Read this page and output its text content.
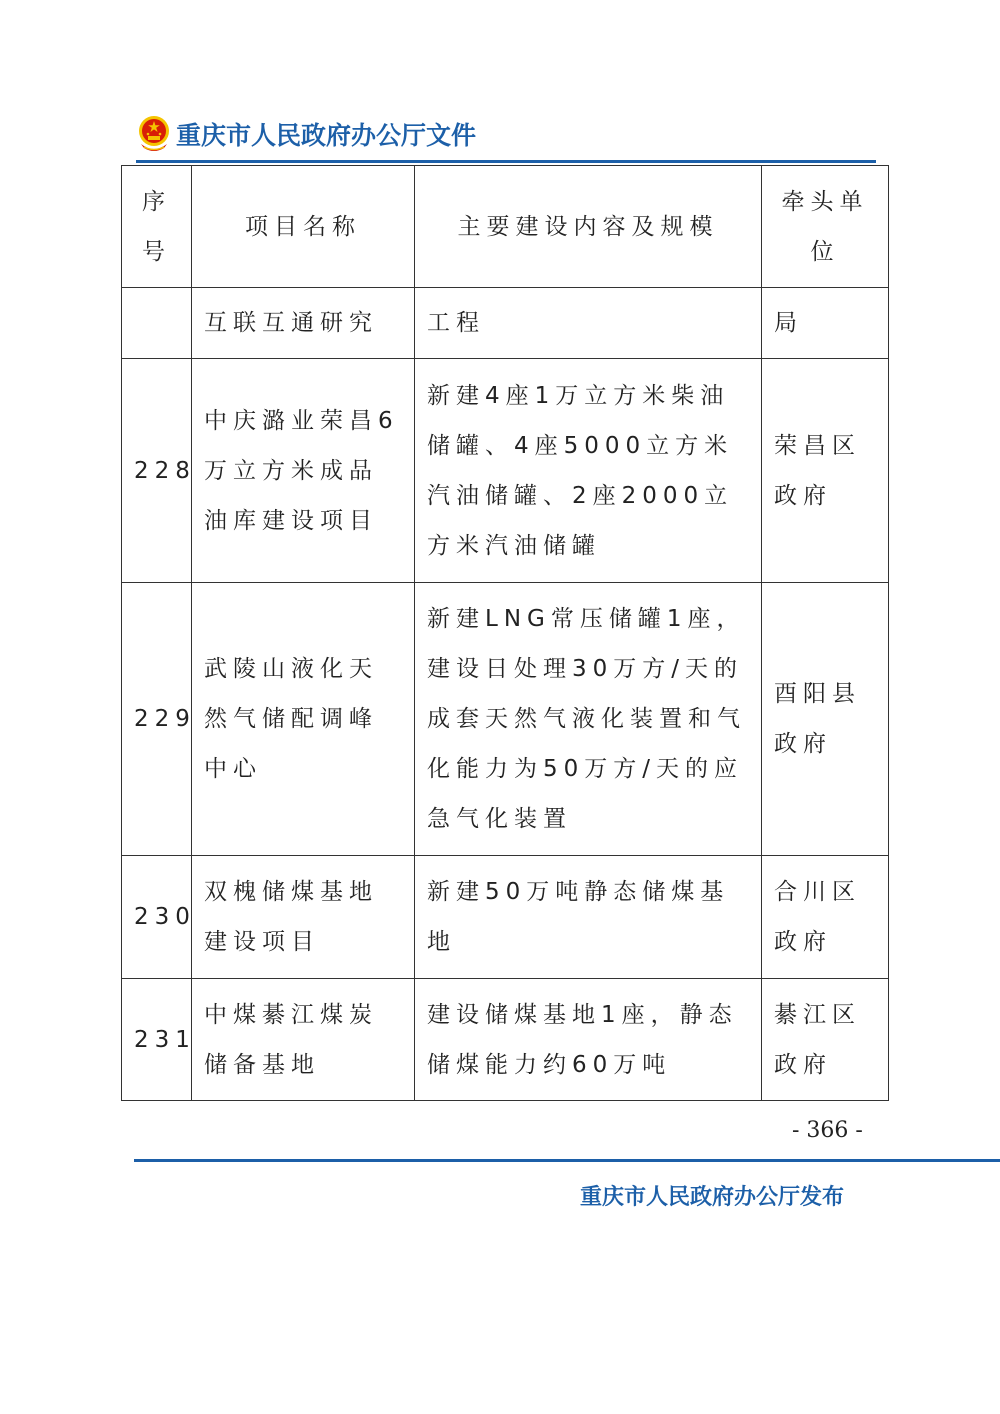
重庆市人民政府办公厅文件
序号	项目名称	主要建设内容及规模	牵头单位
	互联互通研究	工程	局
228	中庆潞业荣昌6万立方米成品油库建设项目	新建4座1万立方米柴油储罐、4座5000立方米汽油储罐、2座2000立方米汽油储罐	荣昌区政府
229	武陵山液化天然气储配调峰中心	新建LNG常压储罐1座，建设日处理30万方/天的成套天然气液化装置和气化能力为50万方/天的应急气化装置	酉阳县政府
230	双槐储煤基地建设项目	新建50万吨静态储煤基地	合川区政府
231	中煤綦江煤炭储备基地	建设储煤基地1座，静态储煤能力约60万吨	綦江区政府
- 366 -
重庆市人民政府办公厅发布
